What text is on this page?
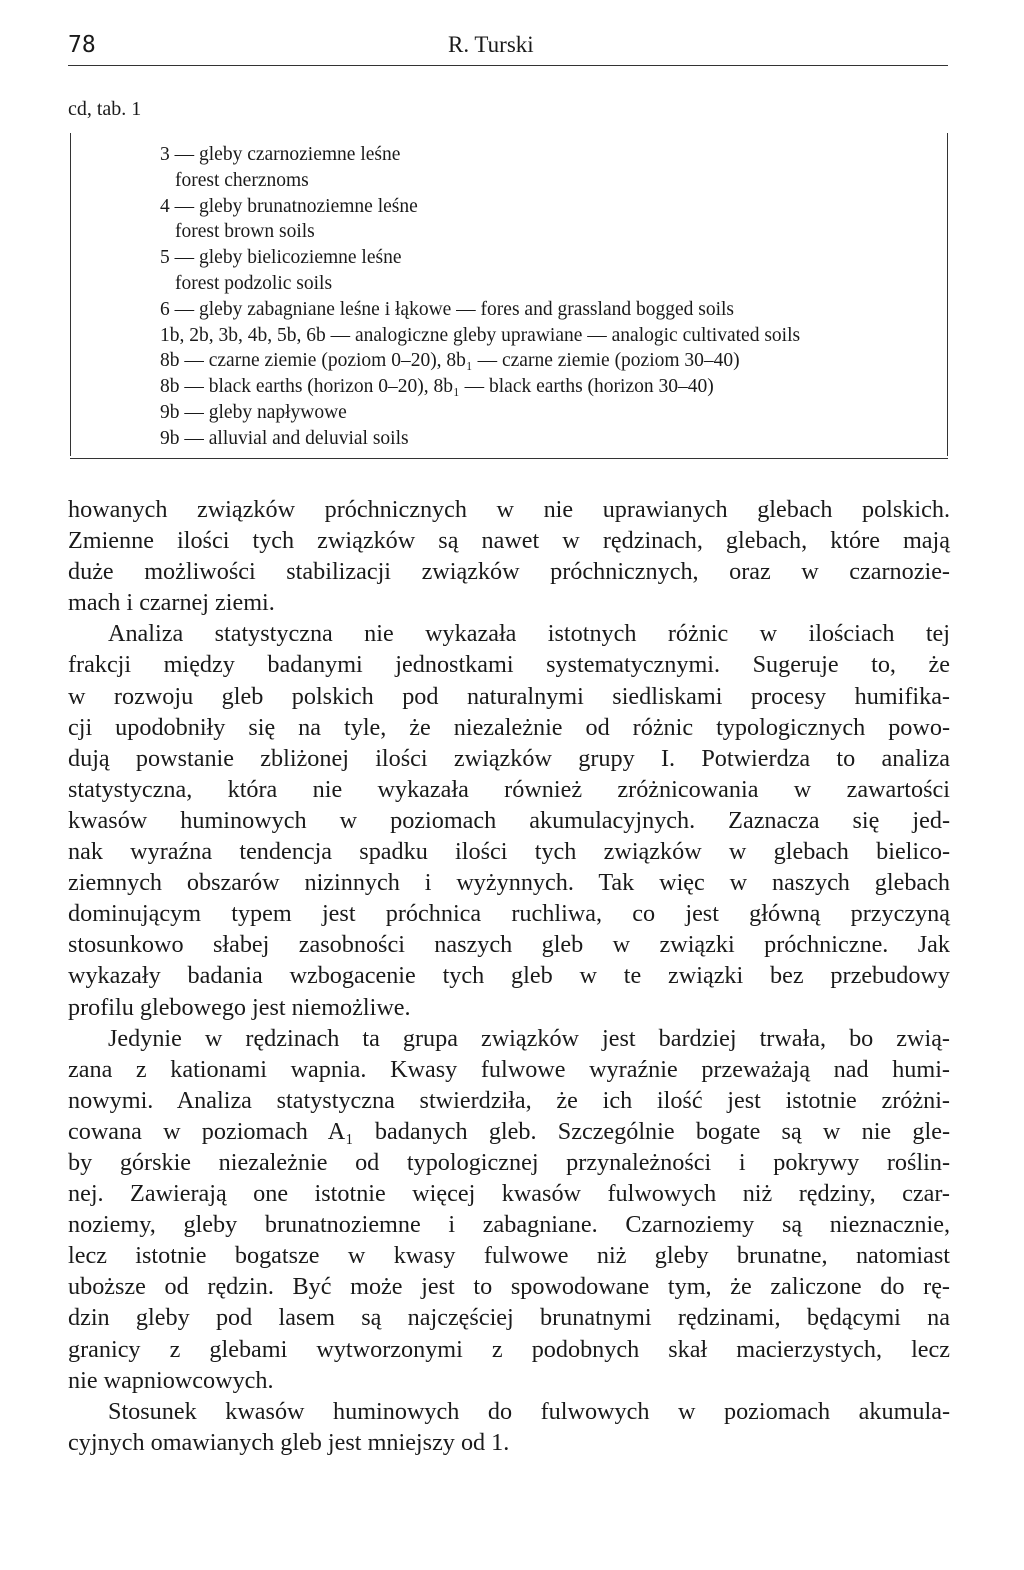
78	R. Turski
cd, tab. 1
3 — gleby czarnoziemne leśne
forest cherznoms
4 — gleby brunatnoziemne leśne
forest brown soils
5 — gleby bielicoziemne leśne
forest podzolic soils
6 — gleby zabagniane leśne i łąkowe — fores and grassland bogged soils
1b, 2b, 3b, 4b, 5b, 6b — analogiczne gleby uprawiane — analogic cultivated soils
8b — czarne ziemie (poziom 0–20), 8b₁ — czarne ziemie (poziom 30–40)
8b — black earths (horizon 0–20), 8b₁ — black earths (horizon 30–40)
9b — gleby napływowe
9b — alluvial and deluvial soils

howanych związków próchnicznych w nie uprawianych glebach polskich.
Zmienne ilości tych związków są nawet w rędzinach, glebach, które mają
duże możliwości stabilizacji związków próchnicznych, oraz w czarnozie-
mach i czarnej ziemi.

Analiza statystyczna nie wykazała istotnych różnic w ilościach tej
frakcji między badanymi jednostkami systematycznymi. Sugeruje to, że
w rozwoju gleb polskich pod naturalnymi siedliskami procesy humifika-
cji upodobniły się na tyle, że niezależnie od różnic typologicznych powo-
dują powstanie zbliżonej ilości związków grupy I. Potwierdza to analiza
statystyczna, która nie wykazała również zróżnicowania w zawartości
kwasów huminowych w poziomach akumulacyjnych. Zaznacza się jed-
nak wyraźna tendencja spadku ilości tych związków w glebach bielico-
ziemnych obszarów nizinnych i wyżynnych. Tak więc w naszych glebach
dominującym typem jest próchnica ruchliwa, co jest główną przyczyną
stosunkowo słabej zasobności naszych gleb w związki próchniczne. Jak
wykazały badania wzbogacenie tych gleb w te związki bez przebudowy
profilu glebowego jest niemożliwe.

Jedynie w rędzinach ta grupa związków jest bardziej trwała, bo zwią-
zana z kationami wapnia. Kwasy fulwowe wyraźnie przeważają nad humi-
nowymi. Analiza statystyczna stwierdziła, że ich ilość jest istotnie zróżni-
cowana w poziomach A₁ badanych gleb. Szczególnie bogate są w nie gle-
by górskie niezależnie od typologicznej przynależności i pokrywy roślin-
nej. Zawierają one istotnie więcej kwasów fulwowych niż rędziny, czar-
noziemy, gleby brunatnoziemne i zabagniane. Czarnoziemy są nieznacznie,
lecz istotnie bogatsze w kwasy fulwowe niż gleby brunatne, natomiast
uboższe od rędzin. Być może jest to spowodowane tym, że zaliczone do rę-
dzin gleby pod lasem są najczęściej brunatnymi rędzinami, będącymi na
granicy z glebami wytworzonymi z podobnych skał macierzystych, lecz
nie wapniowcowych.

Stosunek kwasów huminowych do fulwowych w poziomach akumula-
cyjnych omawianych gleb jest mniejszy od 1.
